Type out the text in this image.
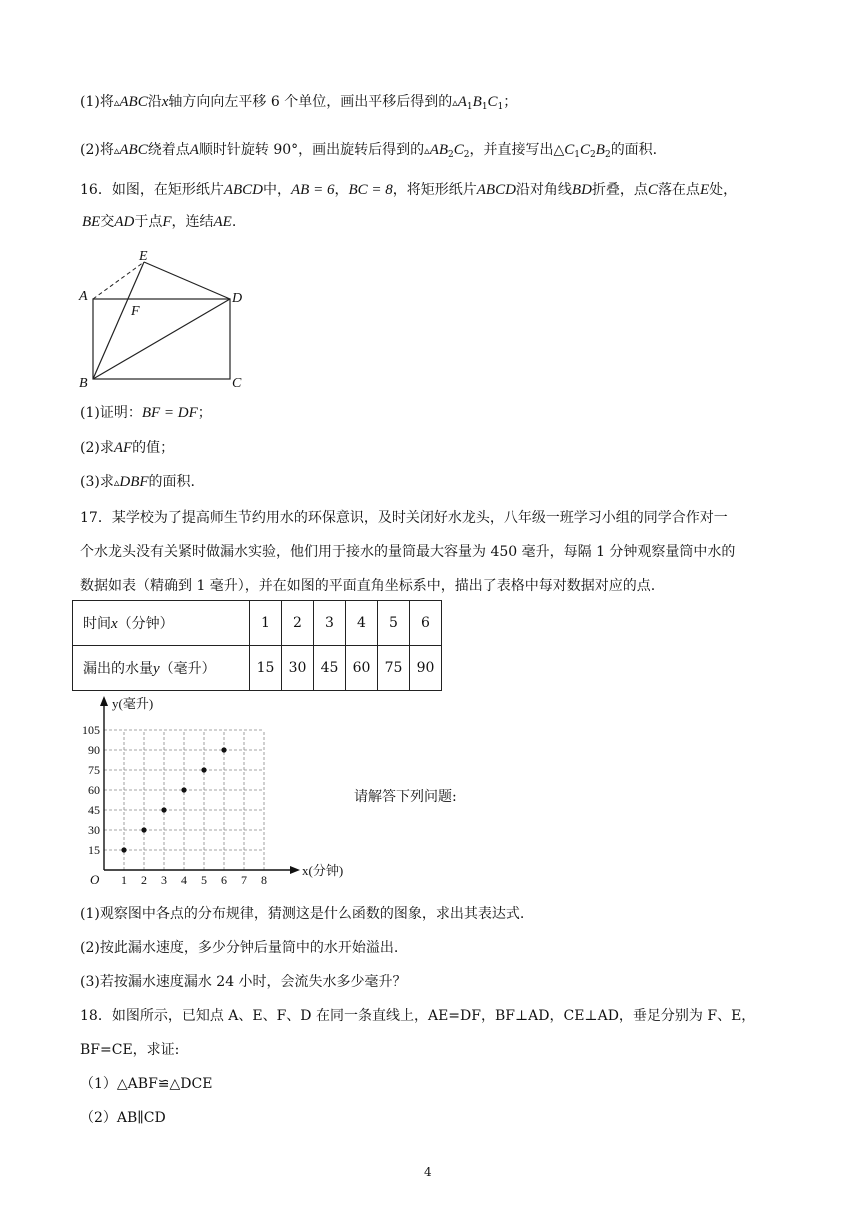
(1)将▵ABC沿x轴方向向左平移 6 个单位，画出平移后得到的$▵A_1B_1C_1$；
(2)将▵ABC绕着点A顺时针旋转 90°，画出旋转后得到的$▵AB_2C_2$，并直接写出$\triangle C_1C_2B_2$的面积.
16．如图，在矩形纸片ABCD中，AB = 6，BC = 8，将矩形纸片ABCD沿对角线BD折叠，点C落在点E处，
BE交AD于点F，连结AE.
E
A
F
D
B	C
(1)证明：BF = DF；
(2)求AF的值；
(3)求▵DBF的面积.
17．某学校为了提高师生节约用水的环保意识，及时关闭好水龙头，八年级一班学习小组的同学合作对一
个水龙头没有关紧时做漏水实验，他们用于接水的量筒最大容量为 450 毫升，每隔 1 分钟观察量筒中水的
数据如表（精确到 1 毫升），并在如图的平面直角坐标系中，描出了表格中每对数据对应的点.
时间x（分钟）	1	2	3	4	5	6
漏出的水量y（毫升）	15	30	45	60	75	90
1 2 3 4 5 6 7 8
15
30
45
60
75
90
105
O
x(分钟)
y(毫升)
请解答下列问题:
(1)观察图中各点的分布规律，猜测这是什么函数的图象，求出其表达式.
(2)按此漏水速度，多少分钟后量筒中的水开始溢出.
(3)若按漏水速度漏水 24 小时，会流失水多少毫升？
18．如图所示，已知点 A、E、F、D 在同一条直线上，AE=DF，BF⊥AD，CE⊥AD，垂足分别为 F、E，
BF=CE，求证:
（1）△ABF≌△DCE
（2）AB∥CD
4
